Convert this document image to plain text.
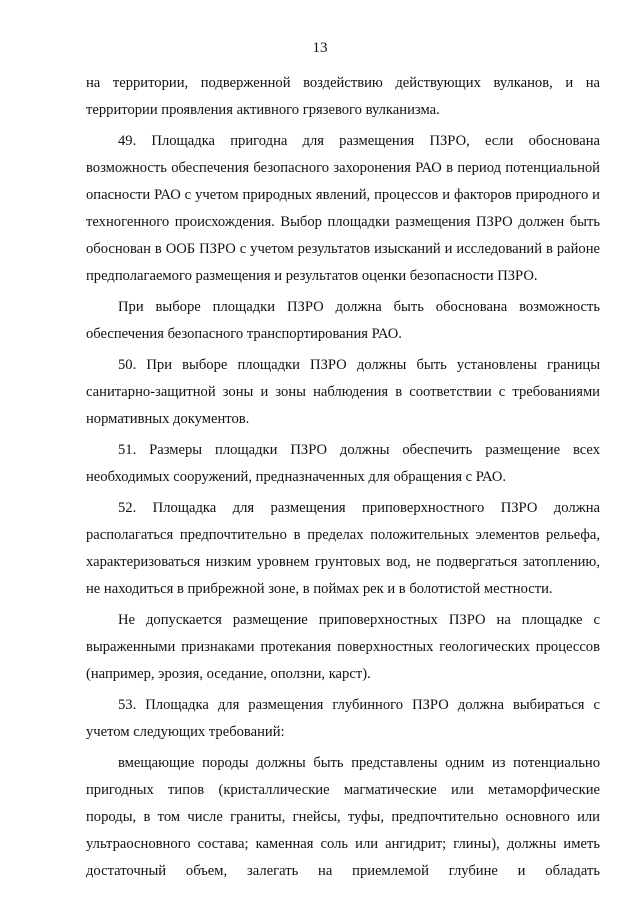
13

на территории, подверженной воздействию действующих вулканов, и на территории проявления активного грязевого вулканизма.

49. Площадка пригодна для размещения ПЗРО, если обоснована возможность обеспечения безопасного захоронения РАО в период потенциальной опасности РАО с учетом природных явлений, процессов и факторов природного и техногенного происхождения. Выбор площадки размещения ПЗРО должен быть обоснован в ООБ ПЗРО с учетом результатов изысканий и исследований в районе предполагаемого размещения и результатов оценки безопасности ПЗРО.

При выборе площадки ПЗРО должна быть обоснована возможность обеспечения безопасного транспортирования РАО.

50. При выборе площадки ПЗРО должны быть установлены границы санитарно-защитной зоны и зоны наблюдения в соответствии с требованиями нормативных документов.

51. Размеры площадки ПЗРО должны обеспечить размещение всех необходимых сооружений, предназначенных для обращения с РАО.

52. Площадка для размещения приповерхностного ПЗРО должна располагаться предпочтительно в пределах положительных элементов рельефа, характеризоваться низким уровнем грунтовых вод, не подвергаться затоплению, не находиться в прибрежной зоне, в поймах рек и в болотистой местности.

Не допускается размещение приповерхностных ПЗРО на площадке с выраженными признаками протекания поверхностных геологических процессов (например, эрозия, оседание, оползни, карст).

53. Площадка для размещения глубинного ПЗРО должна выбираться с учетом следующих требований:

вмещающие породы должны быть представлены одним из потенциально пригодных типов (кристаллические магматические или метаморфические породы, в том числе граниты, гнейсы, туфы, предпочтительно основного или ультраосновного состава; каменная соль или ангидрит; глины), должны иметь достаточный объем, залегать на приемлемой глубине и обладать
